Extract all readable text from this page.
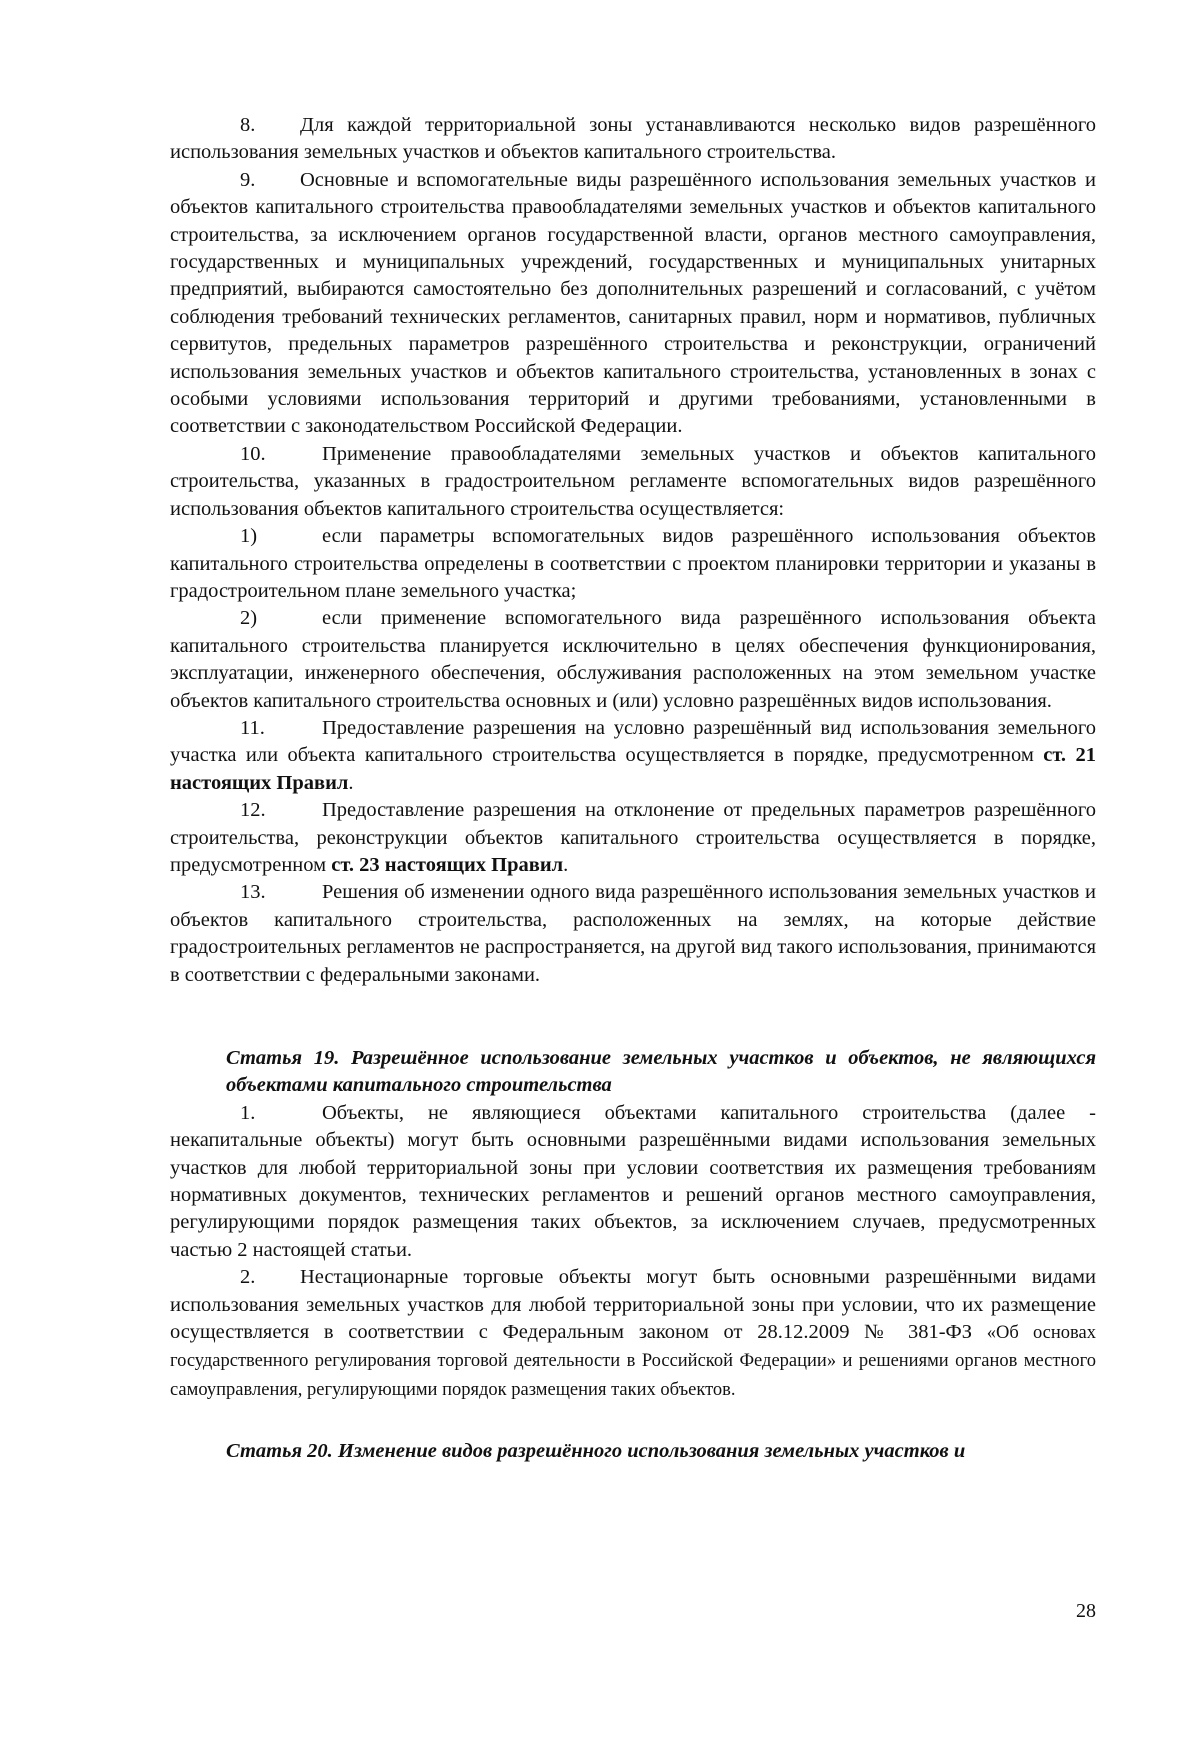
8. Для каждой территориальной зоны устанавливаются несколько видов разрешённого использования земельных участков и объектов капитального строительства.

9. Основные и вспомогательные виды разрешённого использования земельных участков и объектов капитального строительства правообладателями земельных участков и объектов капитального строительства, за исключением органов государственной власти, органов местного самоуправления, государственных и муниципальных учреждений, государственных и муниципальных унитарных предприятий, выбираются самостоятельно без дополнительных разрешений и согласований, с учётом соблюдения требований технических регламентов, санитарных правил, норм и нормативов, публичных сервитутов, предельных параметров разрешённого строительства и реконструкции, ограничений использования земельных участков и объектов капитального строительства, установленных в зонах с особыми условиями использования территорий и другими требованиями, установленными в соответствии с законодательством Российской Федерации.

10.	Применение правообладателями земельных участков и объектов капитального строительства, указанных в градостроительном регламенте вспомогательных видов разрешённого использования объектов капитального строительства осуществляется:

1)	если параметры вспомогательных видов разрешённого использования объектов капитального строительства определены в соответствии с проектом планировки территории и указаны в градостроительном плане земельного участка;

2)	если применение вспомогательного вида разрешённого использования объекта капитального строительства планируется исключительно в целях обеспечения функционирования, эксплуатации, инженерного обеспечения, обслуживания расположенных на этом земельном участке объектов капитального строительства основных и (или) условно разрешённых видов использования.

11.	Предоставление разрешения на условно разрешённый вид использования земельного участка или объекта капитального строительства осуществляется в порядке, предусмотренном ст. 21 настоящих Правил.

12.	Предоставление разрешения на отклонение от предельных параметров разрешённого строительства, реконструкции объектов капитального строительства осуществляется в порядке, предусмотренном ст. 23 настоящих Правил.

13.	Решения об изменении одного вида разрешённого использования земельных участков и объектов капитального строительства, расположенных на землях, на которые действие градостроительных регламентов не распространяется, на другой вид такого использования, принимаются в соответствии с федеральными законами.

Статья 19. Разрешённое использование земельных участков и объектов, не являющихся объектами капитального строительства

1.	Объекты, не являющиеся объектами капитального строительства (далее - некапитальные объекты) могут быть основными разрешёнными видами использования земельных участков для любой территориальной зоны при условии соответствия их размещения требованиям нормативных документов, технических регламентов и решений органов местного самоуправления, регулирующими порядок размещения таких объектов, за исключением случаев, предусмотренных частью 2 настоящей статьи.

2. Нестационарные торговые объекты могут быть основными разрешёнными видами использования земельных участков для любой территориальной зоны при условии, что их размещение осуществляется в соответствии с Федеральным законом от 28.12.2009 № 381-ФЗ «Об основах государственного регулирования торговой деятельности в Российской Федерации» и решениями органов местного самоуправления, регулирующими порядок размещения таких объектов.

Статья 20. Изменение видов разрешённого использования земельных участков и

28
